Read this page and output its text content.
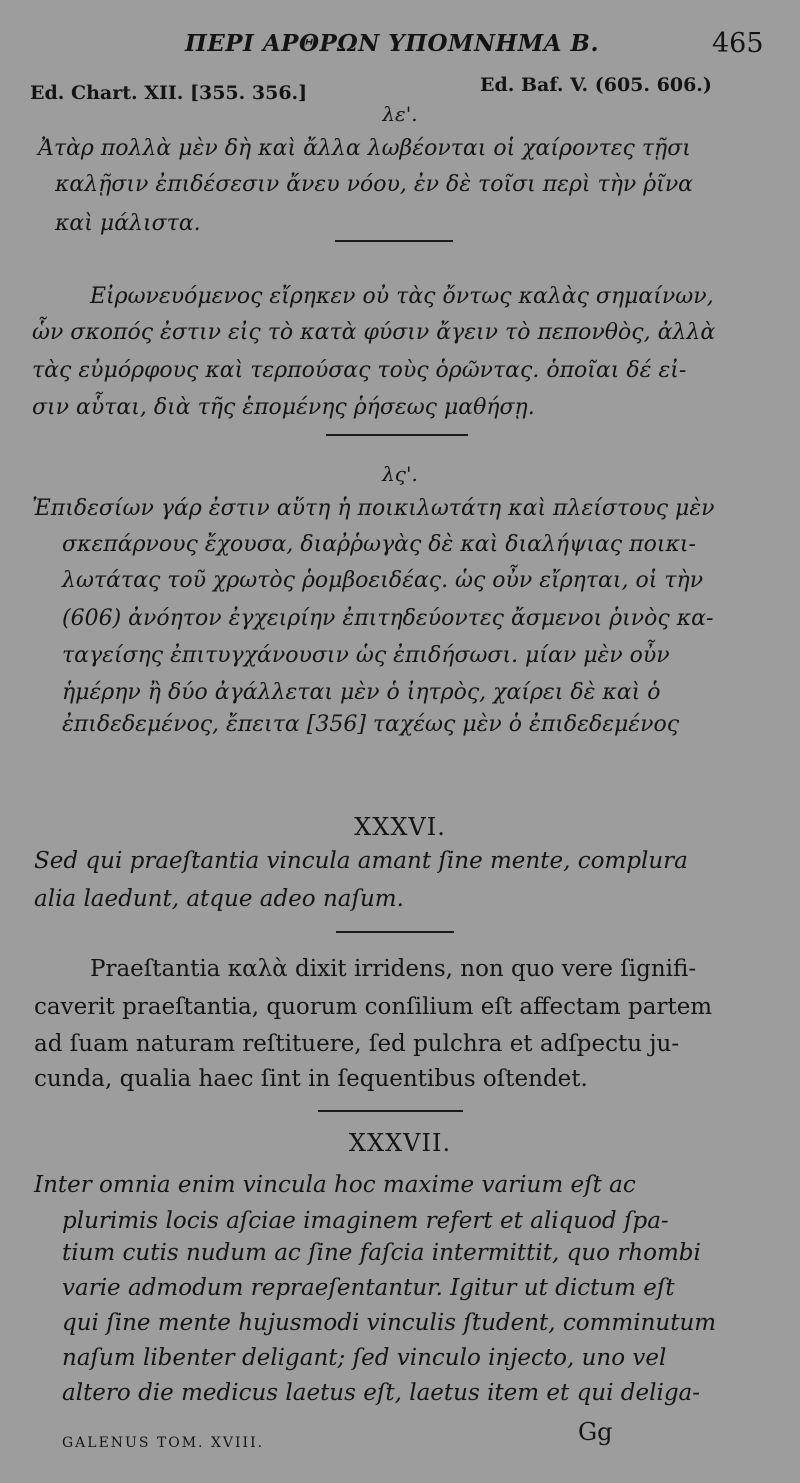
ΠΕΡΙ ΑΡΘΡΩΝ ΥΠΟΜΝΗΜΑ Β.	465
Ed. Chart. XII. [355. 356.]	Ed. Baf. V. (605. 606.)
λε'.
Ἀτὰρ πολλὰ μὲν δὴ καὶ ἄλλα λωβέονται οἱ χαίροντες τῇσι
καλῇσιν ἐπιδέσεσιν ἄνευ νόου, ἐν δὲ τοῖσι περὶ τὴν ῥῖνα
καὶ μάλιστα.
Εἰρωνευόμενος εἴρηκεν οὐ τὰς ὄντως καλὰς σημαίνων,
ὧν σκοπός ἐστιν εἰς τὸ κατὰ φύσιν ἄγειν τὸ πεπονθὸς, ἀλλὰ
τὰς εὐμόρφους καὶ τερπούσας τοὺς ὁρῶντας. ὁποῖαι δέ εἰ-
σιν αὗται, διὰ τῆς ἑπομένης ῥήσεως μαθήσῃ.
λς'.
Ἐπιδεσίων γάρ ἐστιν αὕτη ἡ ποικιλωτάτη καὶ πλείστους μὲν
σκεπάρνους ἔχουσα, διαῤῥωγὰς δὲ καὶ διαλήψιας ποικι-
λωτάτας τοῦ χρωτὸς ῥομβοειδέας. ὡς οὖν εἴρηται, οἱ τὴν
(606) ἀνόητον ἐγχειρίην ἐπιτηδεύοντες ἄσμενοι ῥινὸς κα-
ταγείσης ἐπιτυγχάνουσιν ὡς ἐπιδήσωσι. μίαν μὲν οὖν
ἡμέρην ἢ δύο ἀγάλλεται μὲν ὁ ἰητρὸς, χαίρει δὲ καὶ ὁ
ἐπιδεδεμένος, ἔπειτα [356] ταχέως μὲν ὁ ἐπιδεδεμένος
XXXVI.
Sed qui praeſtantia vincula amant ſine mente, complura
alia laedunt, atque adeo naſum.
Praeſtantia καλὰ dixit irridens, non quo vere ſignifi-
caverit praeſtantia, quorum conſilium eſt affectam partem
ad ſuam naturam reſtituere, ſed pulchra et adſpectu ju-
cunda, qualia haec ſint in ſequentibus oſtendet.
XXXVII.
Inter omnia enim vincula hoc maxime varium eſt ac
plurimis locis aſciae imaginem refert et aliquod ſpa-
tium cutis nudum ac ſine faſcia intermittit, quo rhombi
varie admodum repraeſentantur. Igitur ut dictum eſt
qui ſine mente hujusmodi vinculis ſtudent, comminutum
naſum libenter deligant; ſed vinculo injecto, uno vel
altero die medicus laetus eſt, laetus item et qui deliga-
GALENUS TOM. XVIII.	Gg
